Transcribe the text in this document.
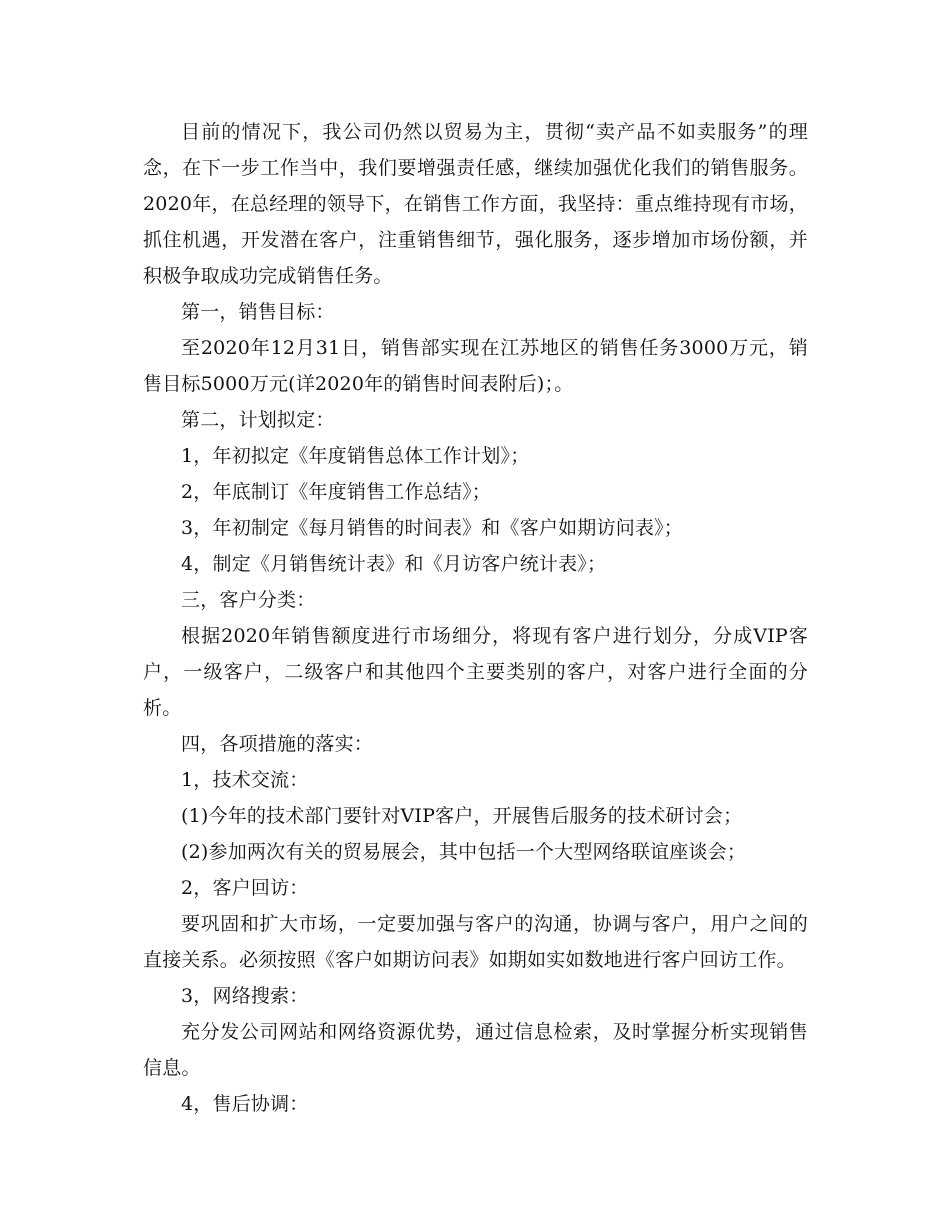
目前的情况下，我公司仍然以贸易为主，贯彻“卖产品不如卖服务”的理念，在下一步工作当中，我们要增强责任感，继续加强优化我们的销售服务。2020年，在总经理的领导下，在销售工作方面，我坚持：重点维持现有市场，抓住机遇，开发潜在客户，注重销售细节，强化服务，逐步增加市场份额，并积极争取成功完成销售任务。

第一，销售目标：

至2020年12月31日，销售部实现在江苏地区的销售任务3000万元，销售目标5000万元(详2020年的销售时间表附后)；。

第二，计划拟定：

1，年初拟定《年度销售总体工作计划》；

2，年底制订《年度销售工作总结》；

3，年初制定《每月销售的时间表》和《客户如期访问表》；

4，制定《月销售统计表》和《月访客户统计表》；

三，客户分类：

根据2020年销售额度进行市场细分，将现有客户进行划分，分成VIP客户，一级客户，二级客户和其他四个主要类别的客户，对客户进行全面的分析。

四，各项措施的落实：

1，技术交流：

(1)今年的技术部门要针对VIP客户，开展售后服务的技术研讨会；

(2)参加两次有关的贸易展会，其中包括一个大型网络联谊座谈会；

2，客户回访：

要巩固和扩大市场，一定要加强与客户的沟通，协调与客户，用户之间的直接关系。必须按照《客户如期访问表》如期如实如数地进行客户回访工作。

3，网络搜索：

充分发公司网站和网络资源优势，通过信息检索，及时掌握分析实现销售信息。

4，售后协调：
